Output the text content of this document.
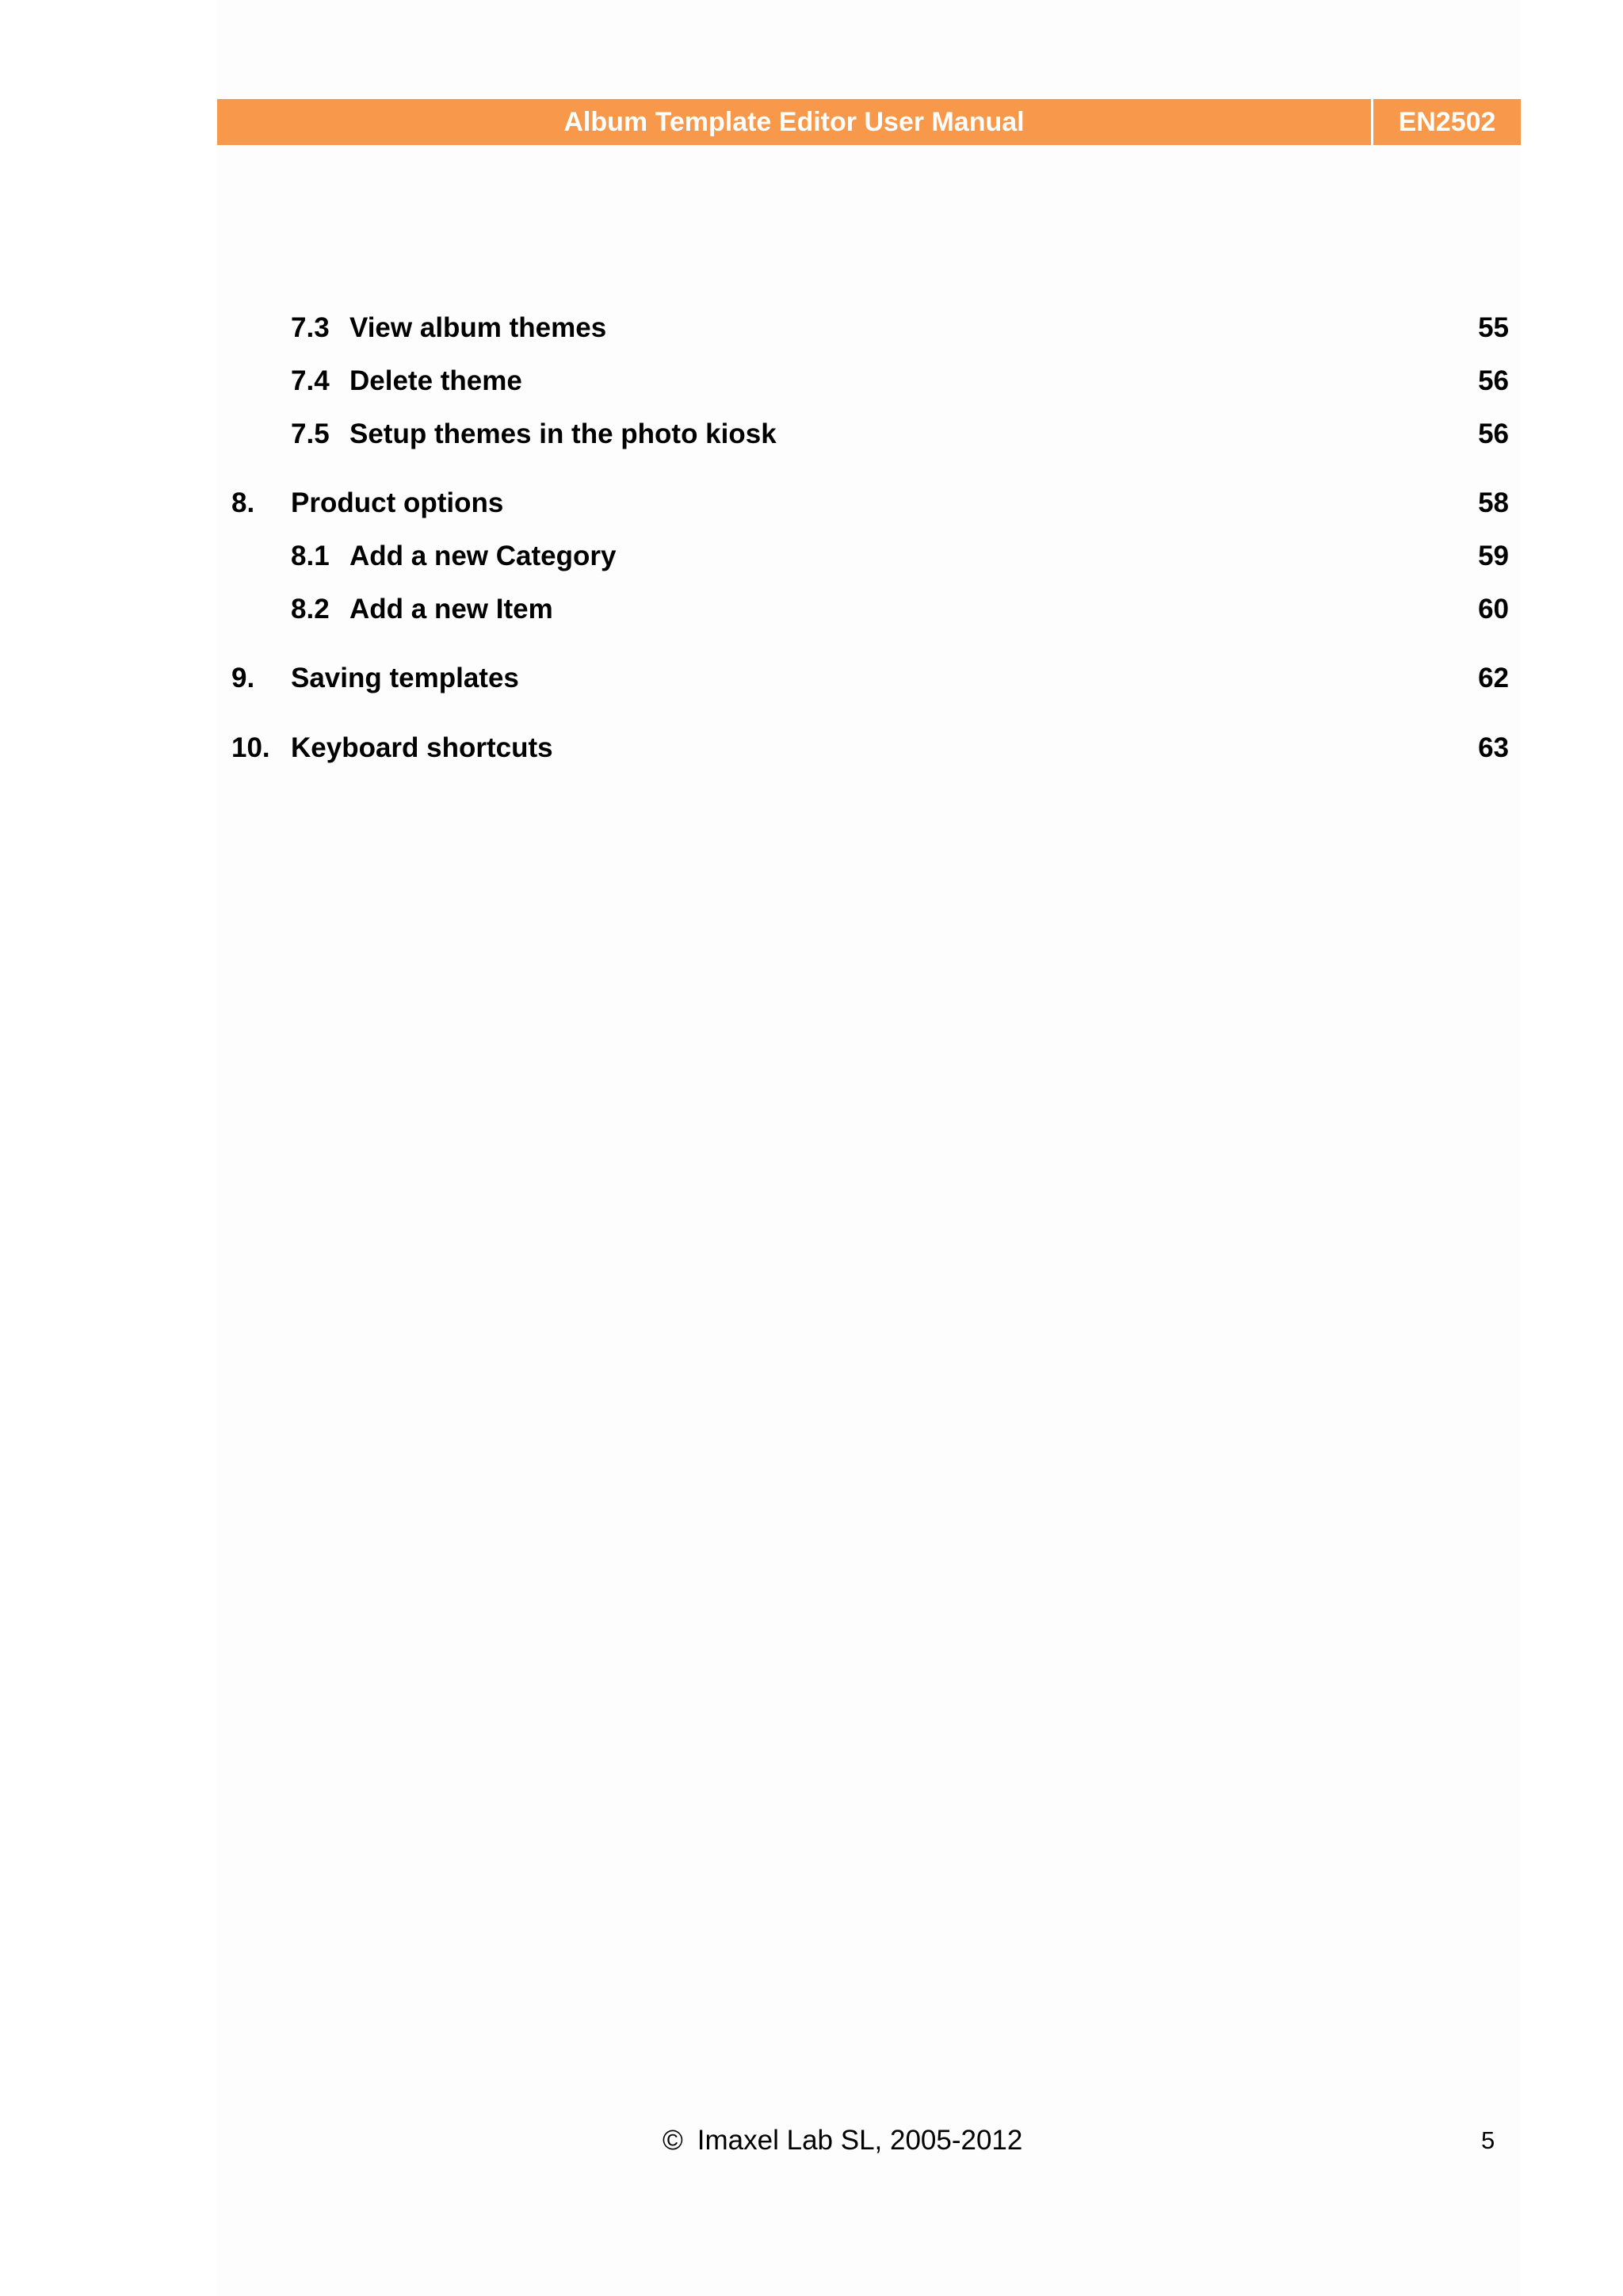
Album Template Editor User Manual	EN2502
7.3 View album themes	55
7.4 Delete theme	56
7.5 Setup themes in the photo kiosk	56
8. Product options	58
8.1 Add a new Category	59
8.2 Add a new Item	60
9. Saving templates	62
10. Keyboard shortcuts	63
© Imaxel Lab SL, 2005-2012	5
